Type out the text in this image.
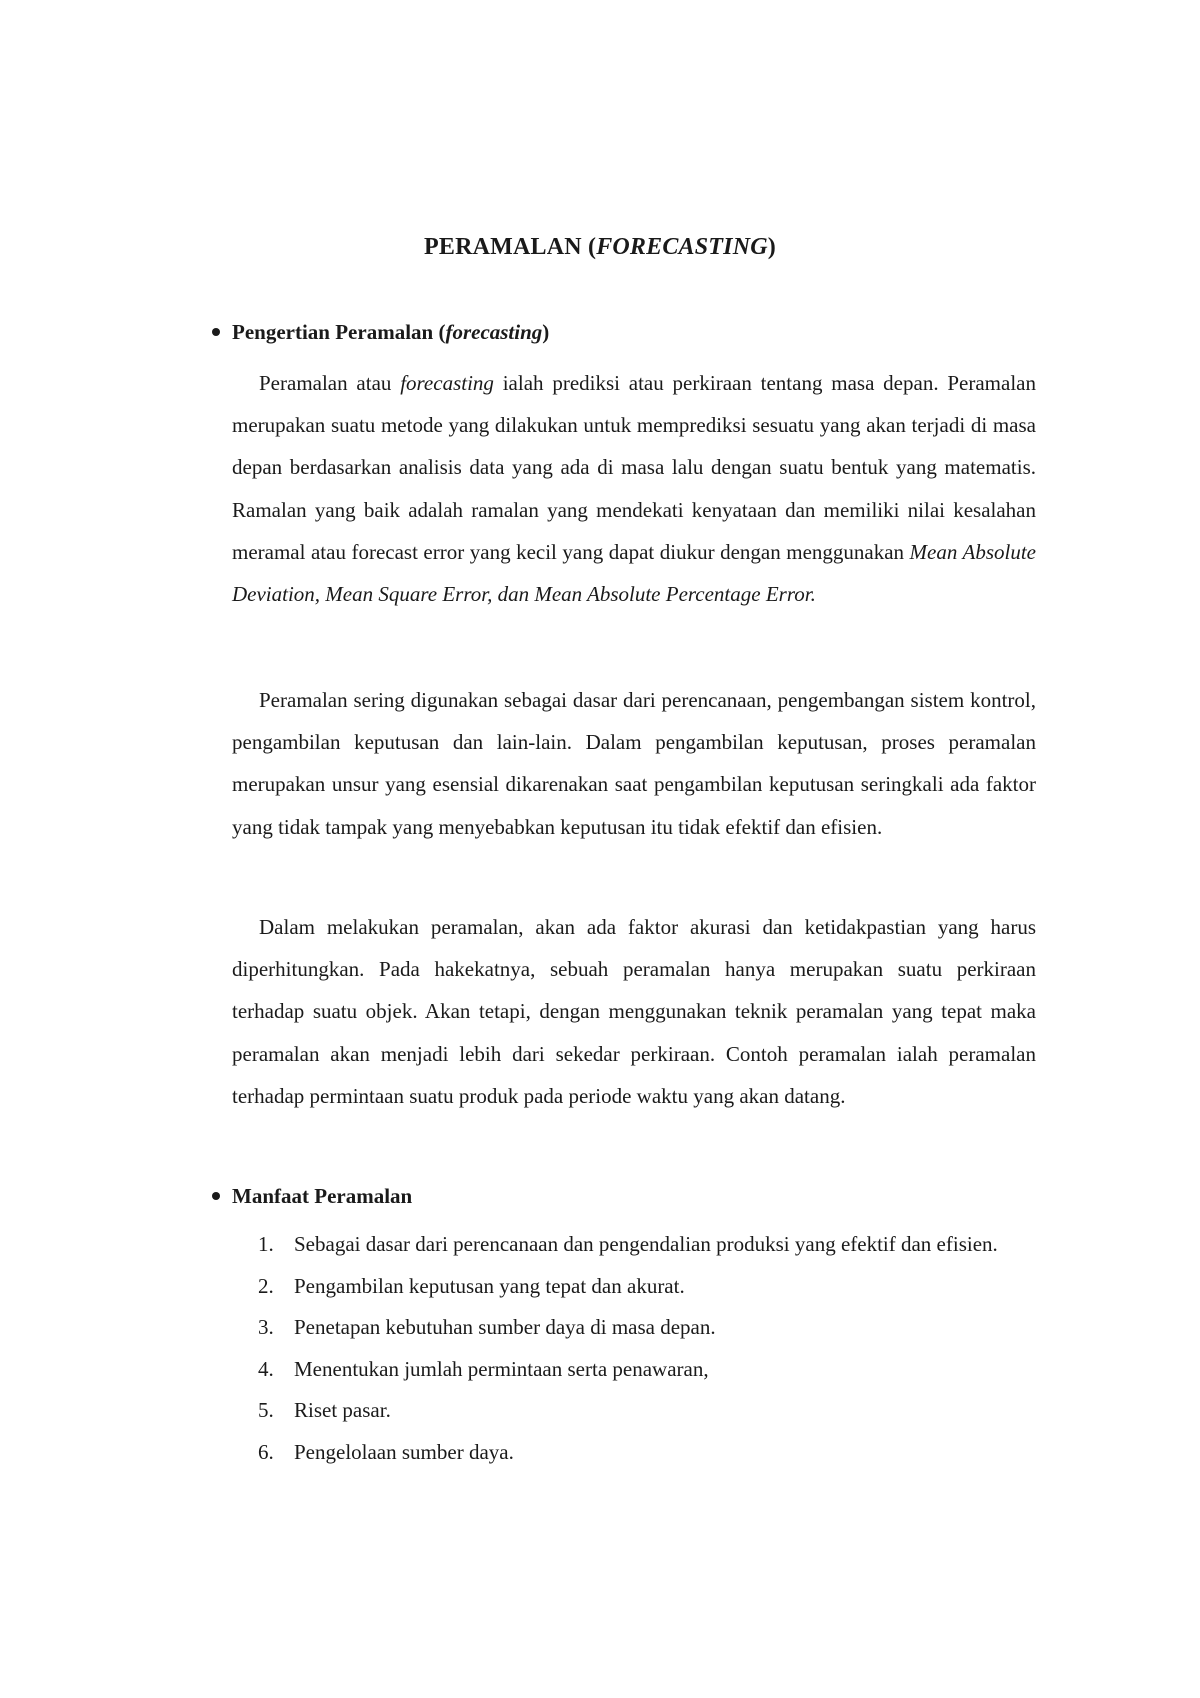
PERAMALAN (FORECASTING)
Pengertian Peramalan ( forecasting )

Peramalan atau forecasting ialah prediksi atau perkiraan tentang masa depan. Peramalan merupakan suatu metode yang dilakukan untuk memprediksi sesuatu yang akan terjadi di masa depan berdasarkan analisis data yang ada di masa lalu dengan suatu bentuk yang matematis. Ramalan yang baik adalah ramalan yang mendekati kenyataan dan memiliki nilai kesalahan meramal atau forecast error yang kecil yang dapat diukur dengan menggunakan Mean Absolute Deviation, Mean Square Error, dan Mean Absolute Percentage Error.

Peramalan sering digunakan sebagai dasar dari perencanaan, pengembangan sistem kontrol, pengambilan keputusan dan lain-lain. Dalam pengambilan keputusan, proses peramalan merupakan unsur yang esensial dikarenakan saat pengambilan keputusan seringkali ada faktor yang tidak tampak yang menyebabkan keputusan itu tidak efektif dan efisien.

Dalam melakukan peramalan, akan ada faktor akurasi dan ketidakpastian yang harus diperhitungkan. Pada hakekatnya, sebuah peramalan hanya merupakan suatu perkiraan terhadap suatu objek. Akan tetapi, dengan menggunakan teknik peramalan yang tepat maka peramalan akan menjadi lebih dari sekedar perkiraan. Contoh peramalan ialah peramalan terhadap permintaan suatu produk pada periode waktu yang akan datang.

Manfaat Peramalan
1. Sebagai dasar dari perencanaan dan pengendalian produksi yang efektif dan efisien.
2. Pengambilan keputusan yang tepat dan akurat.
3. Penetapan kebutuhan sumber daya di masa depan.
4. Menentukan jumlah permintaan serta penawaran,
5. Riset pasar.
6. Pengelolaan sumber daya.
